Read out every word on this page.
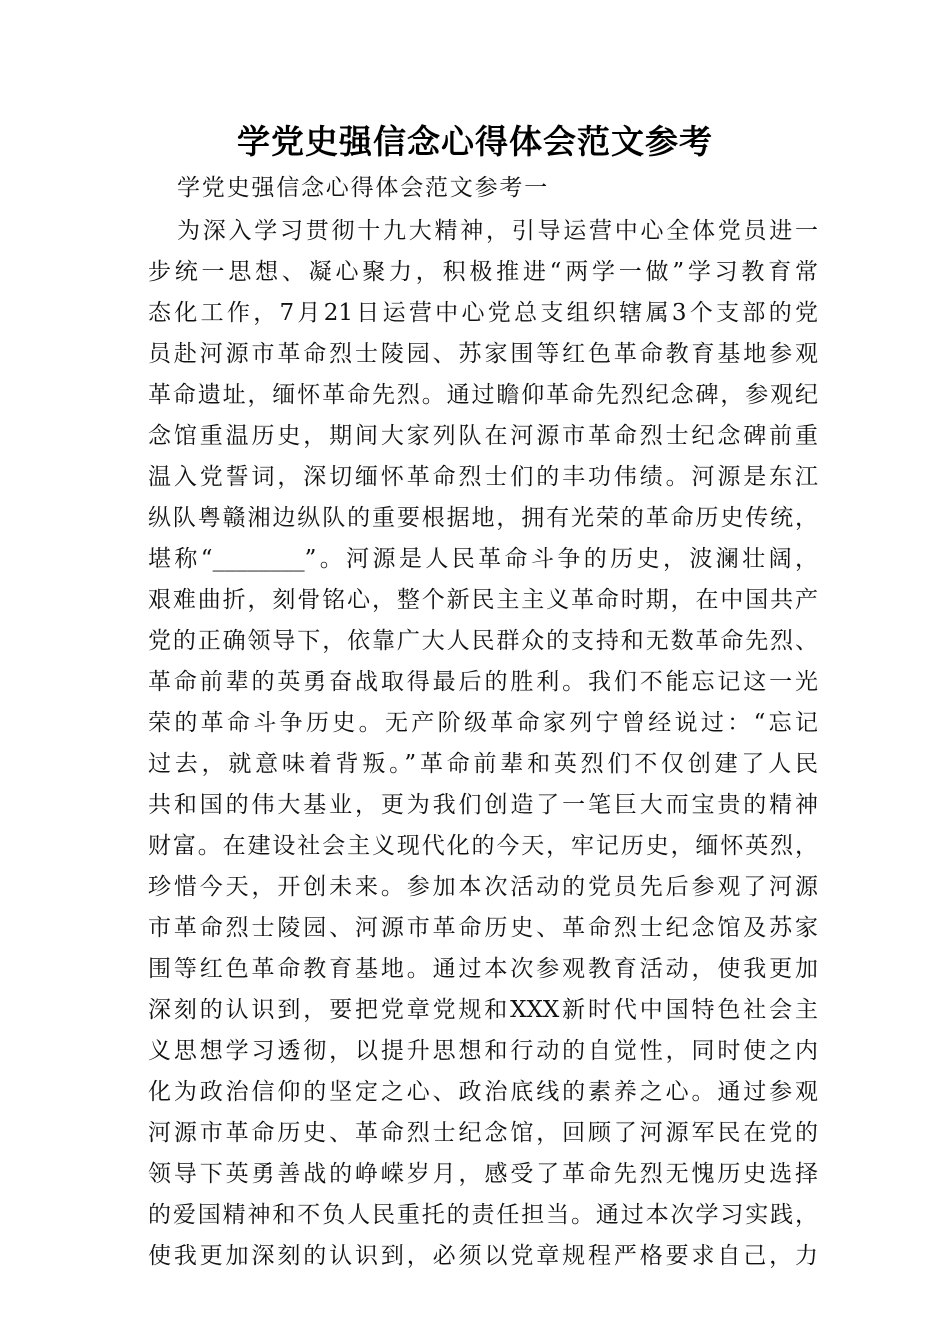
学党史强信念心得体会范文参考

学党史强信念心得体会范文参考一

为深入学习贯彻十九大精神，引导运营中心全体党员进一
步统一思想、凝心聚力，积极推进“两学一做”学习教育常
态化工作，7月21日运营中心党总支组织辖属3个支部的党
员赴河源市革命烈士陵园、苏家围等红色革命教育基地参观
革命遗址，缅怀革命先烈。通过瞻仰革命先烈纪念碑，参观纪
念馆重温历史，期间大家列队在河源市革命烈士纪念碑前重
温入党誓词，深切缅怀革命烈士们的丰功伟绩。河源是东江
纵队粤赣湘边纵队的重要根据地，拥有光荣的革命历史传统，
堪称“________”。河源是人民革命斗争的历史，波澜壮阔，
艰难曲折，刻骨铭心，整个新民主主义革命时期，在中国共产
党的正确领导下，依靠广大人民群众的支持和无数革命先烈、
革命前辈的英勇奋战取得最后的胜利。我们不能忘记这一光
荣的革命斗争历史。无产阶级革命家列宁曾经说过：“忘记
过去，就意味着背叛。”革命前辈和英烈们不仅创建了人民
共和国的伟大基业，更为我们创造了一笔巨大而宝贵的精神
财富。在建设社会主义现代化的今天，牢记历史，缅怀英烈，
珍惜今天，开创未来。参加本次活动的党员先后参观了河源
市革命烈士陵园、河源市革命历史、革命烈士纪念馆及苏家
围等红色革命教育基地。通过本次参观教育活动，使我更加
深刻的认识到，要把党章党规和XXX新时代中国特色社会主
义思想学习透彻，以提升思想和行动的自觉性，同时使之内
化为政治信仰的坚定之心、政治底线的素养之心。通过参观
河源市革命历史、革命烈士纪念馆，回顾了河源军民在党的
领导下英勇善战的峥嵘岁月，感受了革命先烈无愧历史选择
的爱国精神和不负人民重托的责任担当。通过本次学习实践，
使我更加深刻的认识到，必须以党章规程严格要求自己，力
